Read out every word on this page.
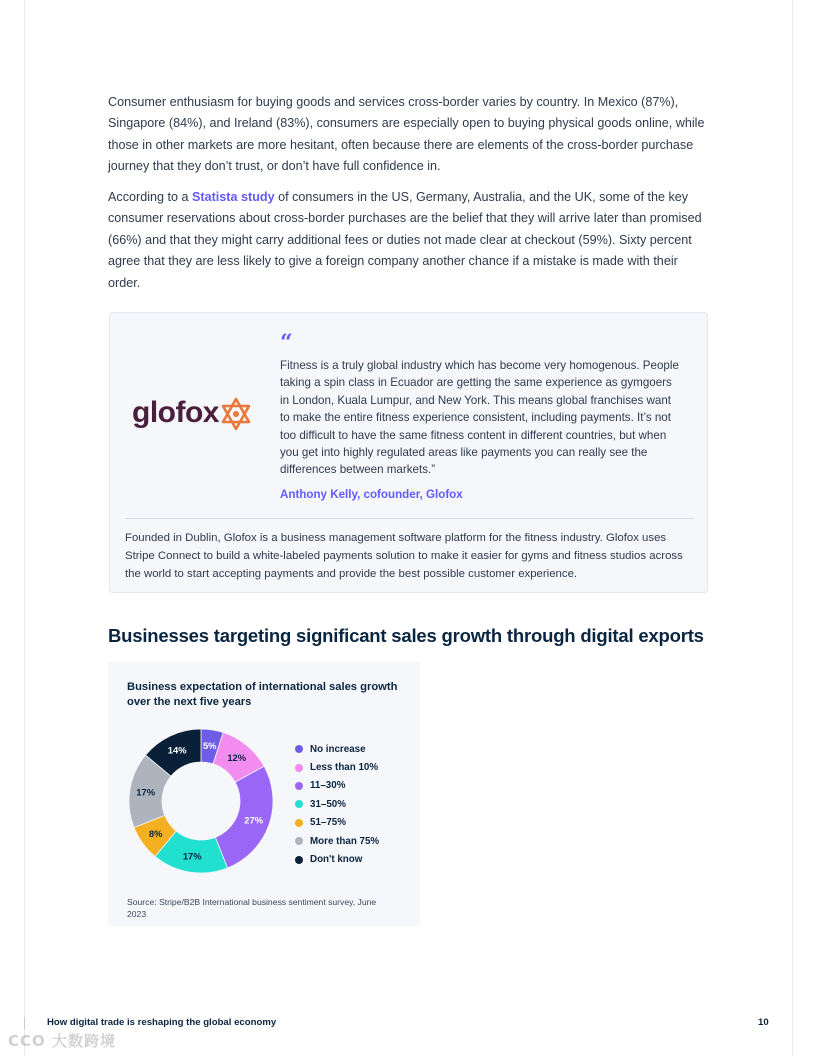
Consumer enthusiasm for buying goods and services cross-border varies by country. In Mexico (87%), Singapore (84%), and Ireland (83%), consumers are especially open to buying physical goods online, while those in other markets are more hesitant, often because there are elements of the cross-border purchase journey that they don’t trust, or don’t have full confidence in.

According to a Statista study of consumers in the US, Germany, Australia, and the UK, some of the key consumer reservations about cross-border purchases are the belief that they will arrive later than promised (66%) and that they might carry additional fees or duties not made clear at checkout (59%). Sixty percent agree that they are less likely to give a foreign company another chance if a mistake is made with their order.

glofox
“

Fitness is a truly global industry which has become very homogenous. People taking a spin class in Ecuador are getting the same experience as gymgoers in London, Kuala Lumpur, and New York. This means global franchises want to make the entire fitness experience consistent, including payments. It’s not too difficult to have the same fitness content in different countries, but when you get into highly regulated areas like payments you can really see the differences between markets.”

Anthony Kelly, cofounder, Glofox

Founded in Dublin, Glofox is a business management software platform for the fitness industry. Glofox uses Stripe Connect to build a white-labeled payments solution to make it easier for gyms and fitness studios across the world to start accepting payments and provide the best possible customer experience.

Businesses targeting significant sales growth through digital exports
Business expectation of international sales growth over the next five years
5%
12%
27%
17%
8%
17%
14%	No increase
Less than 10%
11–30%
31–50%
51–75%
More than 75%
Don't know
Source: Stripe/B2B International business sentiment survey, June 2023
How digital trade is reshaping the global economy	10
CCO 大数跨境
